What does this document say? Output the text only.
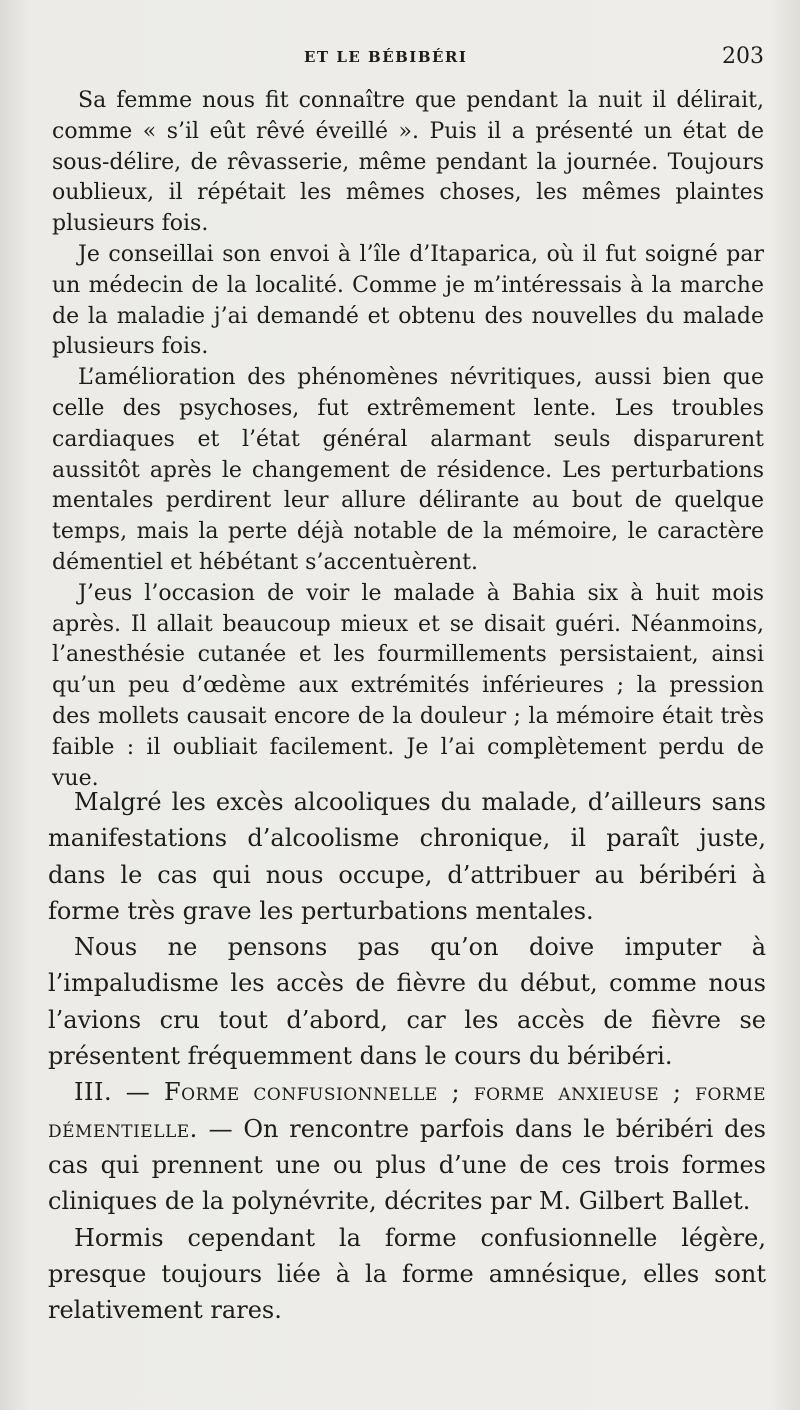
ET LE BÉBIBÉRI	203

Sa femme nous fit connaître que pendant la nuit il délirait, comme « s’il eût rêvé éveillé ». Puis il a présenté un état de sous-délire, de rêvasserie, même pendant la journée. Toujours oublieux, il répétait les mêmes choses, les mêmes plaintes plusieurs fois.

Je conseillai son envoi à l’île d’Itaparica, où il fut soigné par un médecin de la localité. Comme je m’intéressais à la marche de la maladie j’ai demandé et obtenu des nouvelles du malade plusieurs fois.

L’amélioration des phénomènes névritiques, aussi bien que celle des psychoses, fut extrêmement lente. Les troubles cardiaques et l’état général alarmant seuls disparurent aussitôt après le changement de résidence. Les perturbations mentales perdirent leur allure délirante au bout de quelque temps, mais la perte déjà notable de la mémoire, le caractère démentiel et hébétant s’accentuèrent.

J’eus l’occasion de voir le malade à Bahia six à huit mois après. Il allait beaucoup mieux et se disait guéri. Néanmoins, l’anesthésie cutanée et les fourmillements persistaient, ainsi qu’un peu d’œdème aux extrémités inférieures ; la pression des mollets causait encore de la douleur ; la mémoire était très faible : il oubliait facilement. Je l’ai complètement perdu de vue.

Malgré les excès alcooliques du malade, d’ailleurs sans manifestations d’alcoolisme chronique, il paraît juste, dans le cas qui nous occupe, d’attribuer au béribéri à forme très grave les perturbations mentales.

Nous ne pensons pas qu’on doive imputer à l’impaludisme les accès de fièvre du début, comme nous l’avions cru tout d’abord, car les accès de fièvre se présentent fréquemment dans le cours du béribéri.

III. — Forme confusionnelle ; forme anxieuse ; forme démentielle. — On rencontre parfois dans le béribéri des cas qui prennent une ou plus d’une de ces trois formes cliniques de la polynévrite, décrites par M. Gilbert Ballet.

Hormis cependant la forme confusionnelle légère, presque toujours liée à la forme amnésique, elles sont relativement rares.
